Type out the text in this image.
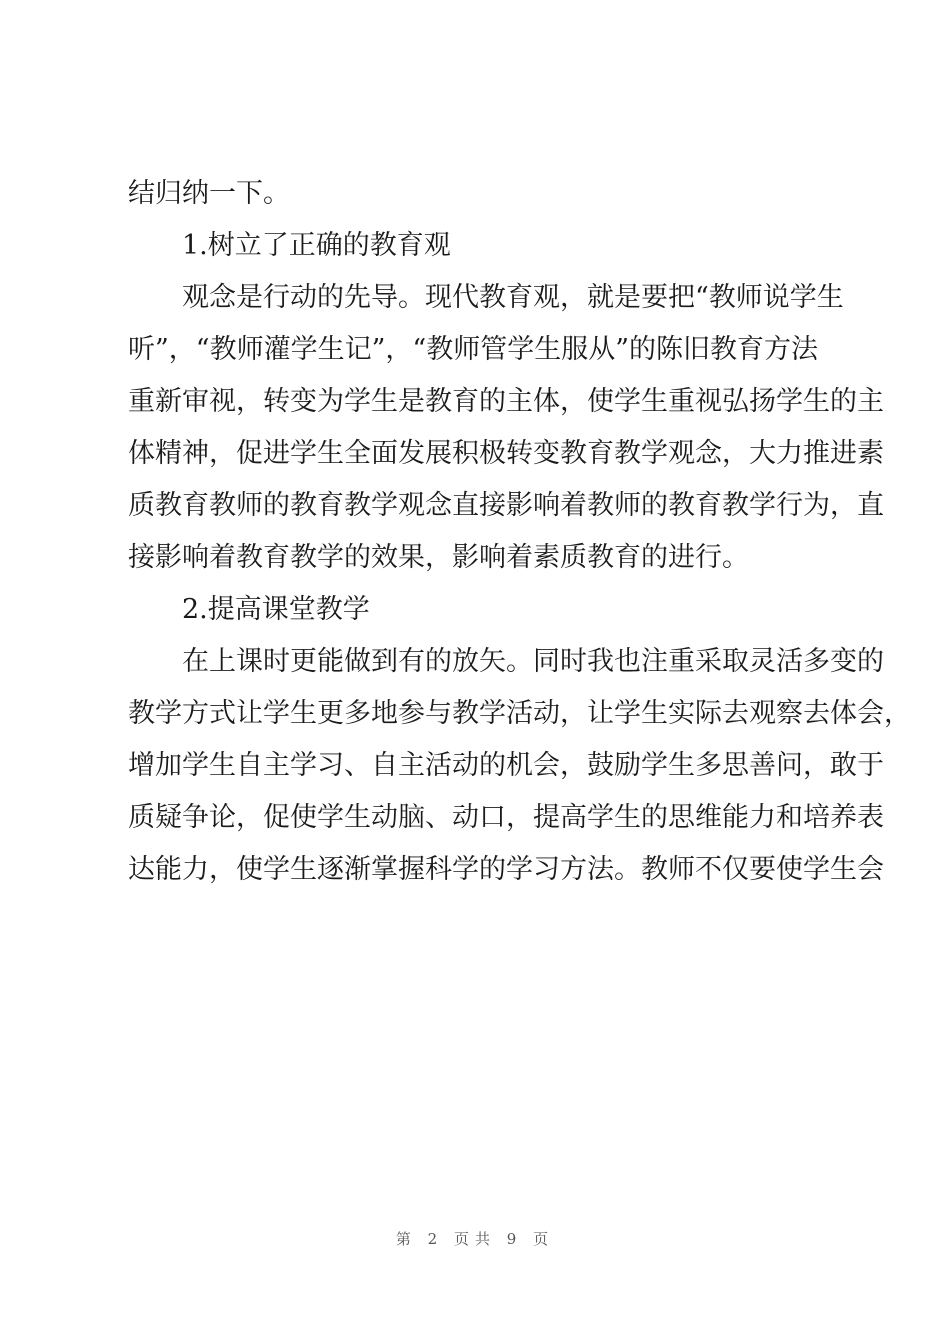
结归纳一下。

1.树立了正确的教育观

观念是行动的先导。现代教育观，就是要把“教师说学生

听”，“教师灌学生记”，“教师管学生服从”的陈旧教育方法

重新审视，转变为学生是教育的主体，使学生重视弘扬学生的主

体精神，促进学生全面发展积极转变教育教学观念，大力推进素

质教育教师的教育教学观念直接影响着教师的教育教学行为，直

接影响着教育教学的效果，影响着素质教育的进行。

2.提高课堂教学

在上课时更能做到有的放矢。同时我也注重采取灵活多变的

教学方式让学生更多地参与教学活动，让学生实际去观察去体会，

增加学生自主学习、自主活动的机会，鼓励学生多思善问，敢于

质疑争论，促使学生动脑、动口，提高学生的思维能力和培养表

达能力，使学生逐渐掌握科学的学习方法。教师不仅要使学生会

第 2 页共 9 页
